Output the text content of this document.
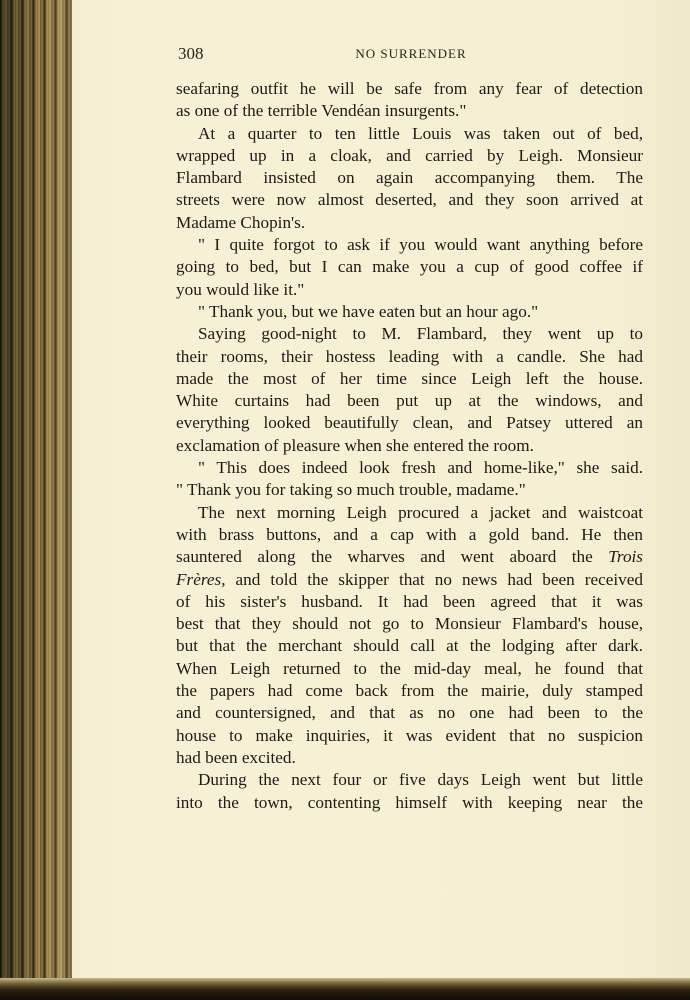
308	NO SURRENDER
seafaring outfit he will be safe from any fear of detection
as one of the terrible Vendéan insurgents."
At a quarter to ten little Louis was taken out of bed,
wrapped up in a cloak, and carried by Leigh. Monsieur
Flambard insisted on again accompanying them. The
streets were now almost deserted, and they soon arrived at
Madame Chopin's.
" I quite forgot to ask if you would want anything before
going to bed, but I can make you a cup of good coffee if
you would like it."
" Thank you, but we have eaten but an hour ago."
Saying good-night to M. Flambard, they went up to
their rooms, their hostess leading with a candle. She had
made the most of her time since Leigh left the house.
White curtains had been put up at the windows, and
everything looked beautifully clean, and Patsey uttered an
exclamation of pleasure when she entered the room.
" This does indeed look fresh and home-like," she said.
" Thank you for taking so much trouble, madame."
The next morning Leigh procured a jacket and waistcoat
with brass buttons, and a cap with a gold band. He then
sauntered along the wharves and went aboard the Trois
Frères, and told the skipper that no news had been received
of his sister's husband. It had been agreed that it was
best that they should not go to Monsieur Flambard's house,
but that the merchant should call at the lodging after dark.
When Leigh returned to the mid-day meal, he found that
the papers had come back from the mairie, duly stamped
and countersigned, and that as no one had been to the
house to make inquiries, it was evident that no suspicion
had been excited.
During the next four or five days Leigh went but little
into the town, contenting himself with keeping near the
